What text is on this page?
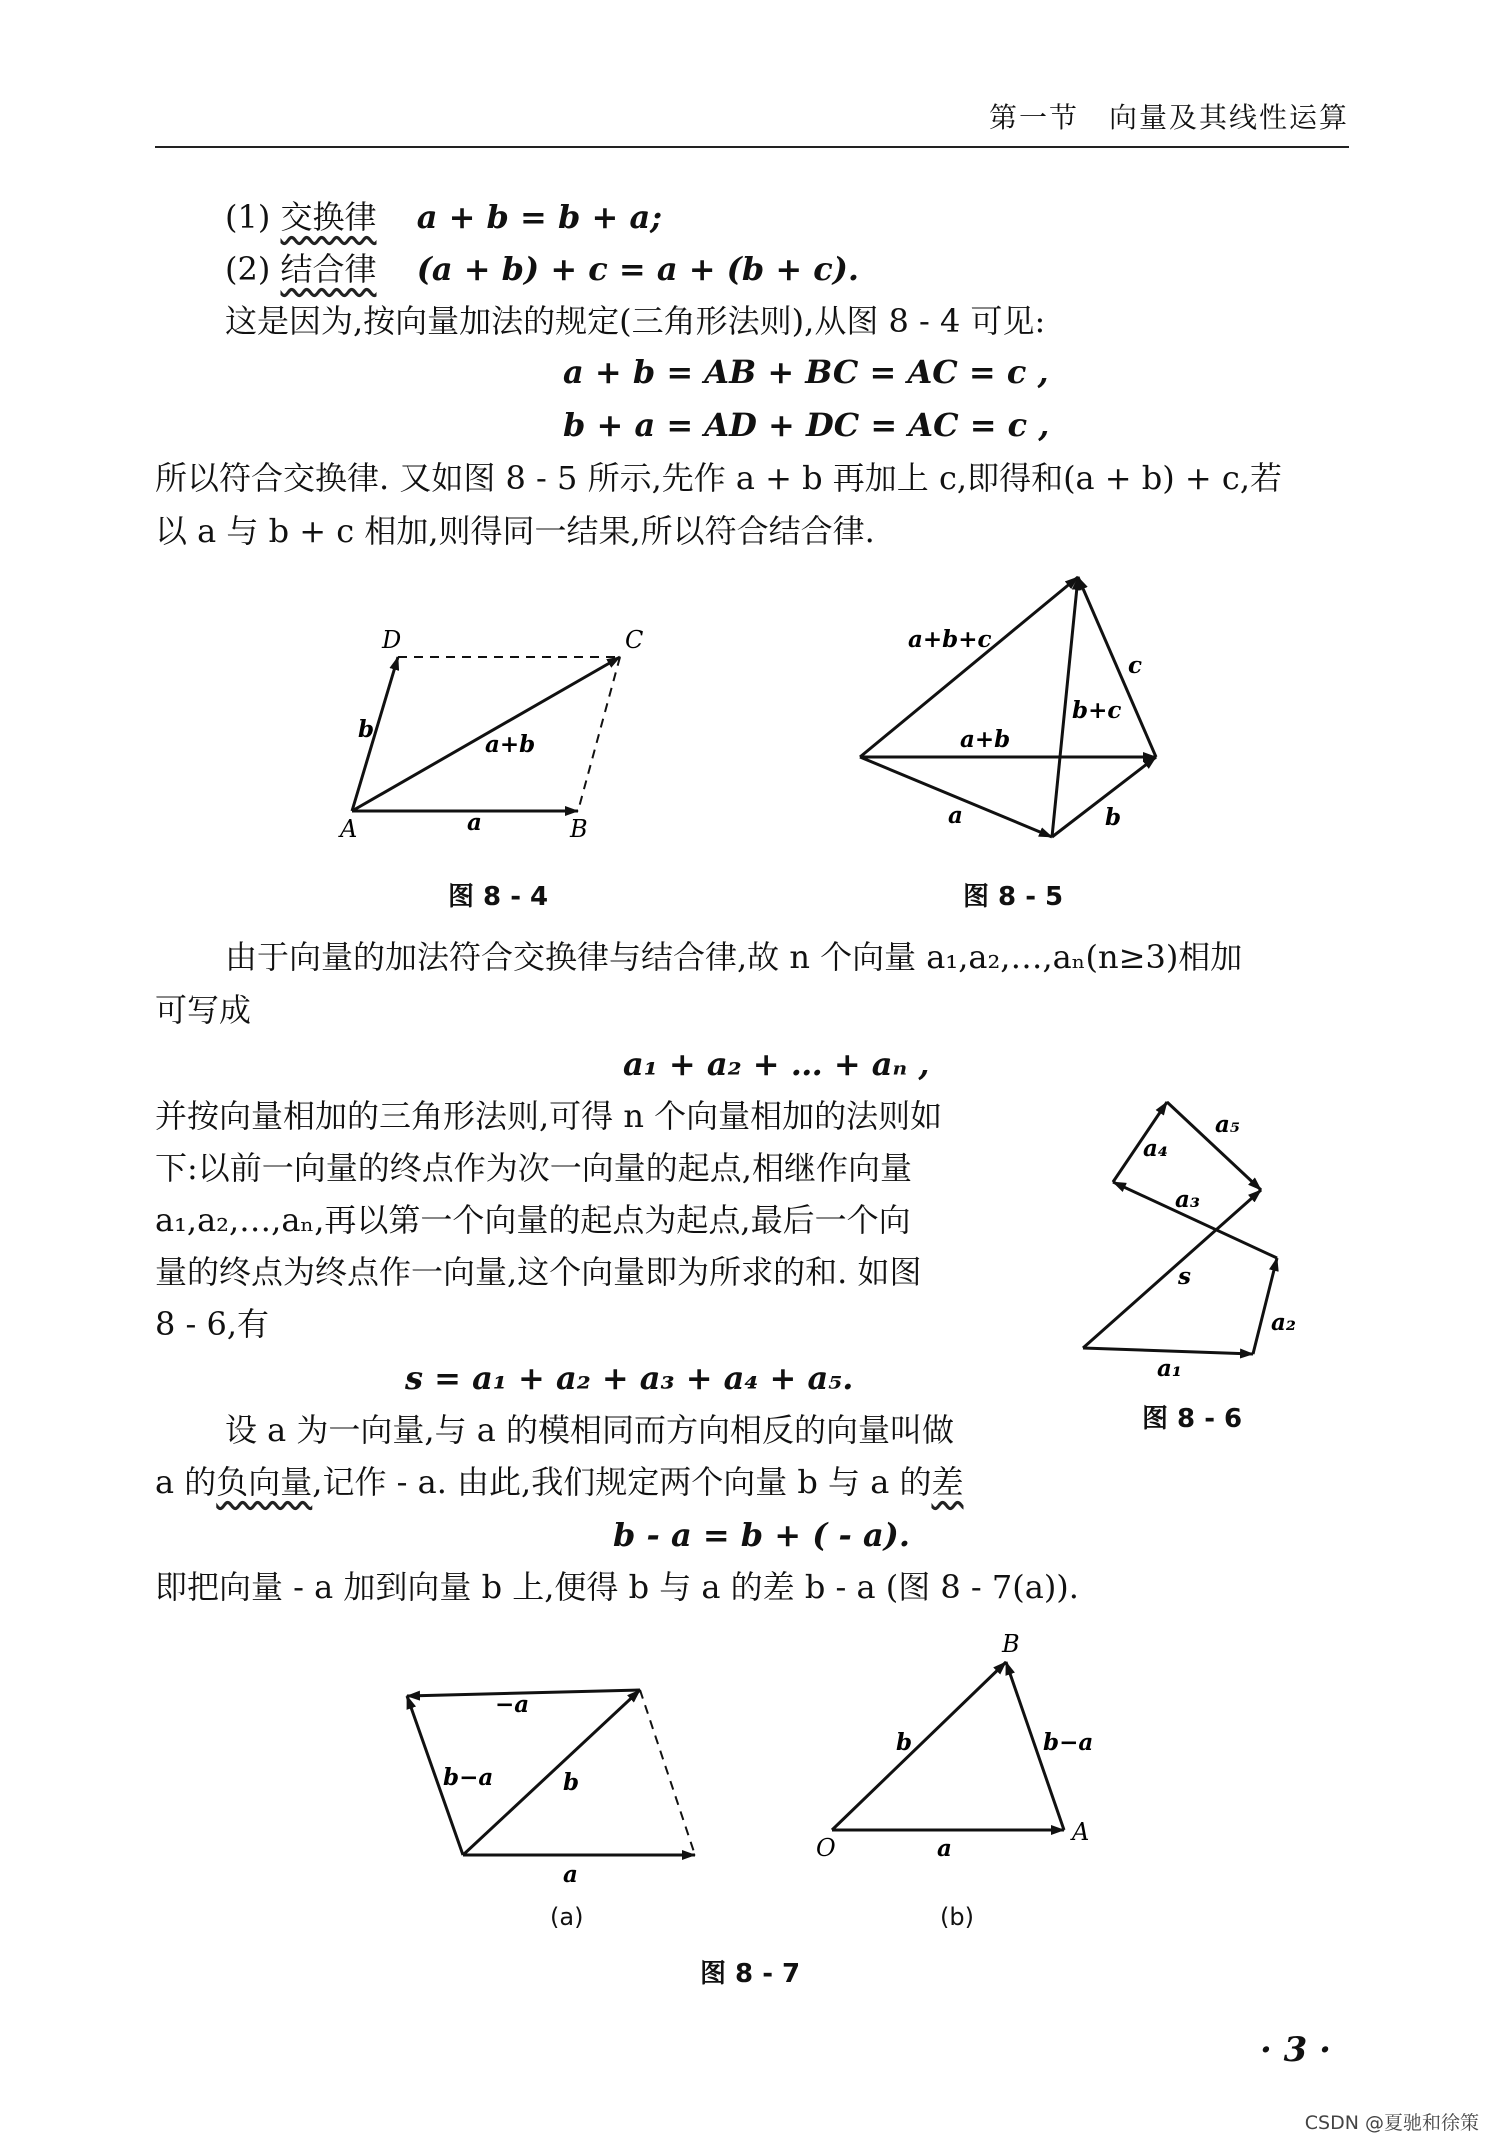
第一节　向量及其线性运算
(1) 交换律 a + b = b + a;
(2) 结合律 (a + b) + c = a + (b + c).
这是因为,按向量加法的规定(三角形法则),从图 8 - 4 可见:
a + b = AB + BC = AC = c ,
b + a = AD + DC = AC = c ,
所以符合交换律. 又如图 8 - 5 所示,先作 a + b 再加上 c,即得和(a + b) + c,若
以 a 与 b + c 相加,则得同一结果,所以符合结合律.
D	C
A	B
a
b
a+b
图 8 - 4
a+b+c
c
b+c
a+b
a	b
图 8 - 5
由于向量的加法符合交换律与结合律,故 n 个向量 a₁,a₂,…,aₙ(n≥3)相加
可写成
a₁ + a₂ + … + aₙ ,
并按向量相加的三角形法则,可得 n 个向量相加的法则如
下:以前一向量的终点作为次一向量的起点,相继作向量
a₁,a₂,…,aₙ,再以第一个向量的起点为起点,最后一个向
量的终点为终点作一向量,这个向量即为所求的和. 如图
8 - 6,有
s = a₁ + a₂ + a₃ + a₄ + a₅.	a₁
a₂
a₃
a₄
a₅
s
图 8 - 6
设 a 为一向量,与 a 的模相同而方向相反的向量叫做
a 的负向量,记作 - a. 由此,我们规定两个向量 b 与 a 的差
b - a = b + ( - a).
即把向量 - a 加到向量 b 上,便得 b 与 a 的差 b - a (图 8 - 7(a)).
−a
b−a	b
a
(a)
B
O
A
b	b−a
a
(b)
图 8 - 7
· 3 ·
CSDN @夏驰和徐策
